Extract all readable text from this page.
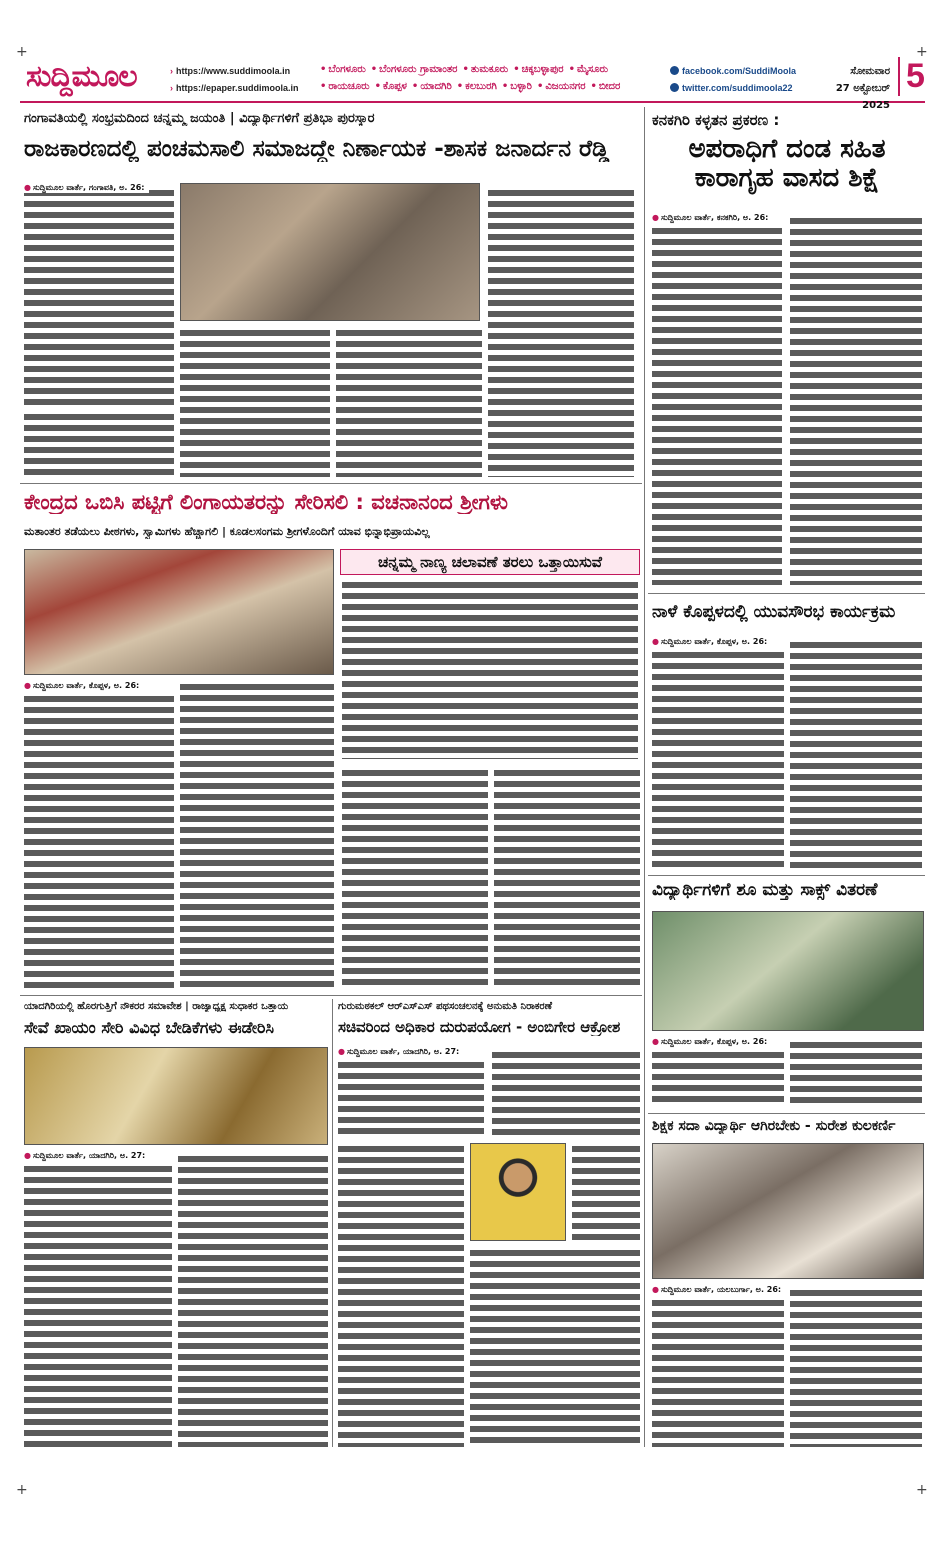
+	+
+	+
ಸುದ್ದಿಮೂಲ	› https://www.suddimoola.in
› https://epaper.suddimoola.in
• ಬೆಂಗಳೂರು • ಬೆಂಗಳೂರು ಗ್ರಾಮಾಂತರ • ತುಮಕೂರು • ಚಿಕ್ಕಬಳ್ಳಾಪುರ • ಮೈಸೂರು
• ರಾಯಚೂರು • ಕೊಪ್ಪಳ • ಯಾದಗಿರಿ • ಕಲಬುರಗಿ • ಬಳ್ಳಾರಿ • ವಿಜಯನಗರ • ಬೀದರ
facebook.com/SuddiMoola
twitter.com/suddimoola22
ಸೋಮವಾರ
27 ಅಕ್ಟೋಬರ್ 2025
5
ಗಂಗಾವತಿಯಲ್ಲಿ ಸಂಭ್ರಮದಿಂದ ಚನ್ನಮ್ಮ ಜಯಂತಿ | ವಿದ್ಯಾರ್ಥಿಗಳಿಗೆ ಪ್ರತಿಭಾ ಪುರಸ್ಕಾರ
ರಾಜಕಾರಣದಲ್ಲಿ ಪಂಚಮಸಾಲಿ ಸಮಾಜದ್ದೇ ನಿರ್ಣಾಯಕ -ಶಾಸಕ ಜನಾರ್ದನ ರೆಡ್ಡಿ
● ಸುದ್ದಿಮೂಲ ವಾರ್ತೆ, ಗಂಗಾವತಿ, ಅ. 26:
ಕನಕಗಿರಿ ಕಳ್ಳತನ ಪ್ರಕರಣ :
ಅಪರಾಧಿಗೆ ದಂಡ ಸಹಿತ ಕಾರಾಗೃಹ ವಾಸದ ಶಿಕ್ಷೆ
● ಸುದ್ದಿಮೂಲ ವಾರ್ತೆ, ಕನಕಗಿರಿ, ಅ. 26:
ಕೇಂದ್ರದ ಒಬಿಸಿ ಪಟ್ಟಿಗೆ ಲಿಂಗಾಯತರನ್ನು ಸೇರಿಸಲಿ : ವಚನಾನಂದ ಶ್ರೀಗಳು
ಮತಾಂತರ ತಡೆಯಲು ಪೀಠಗಳು, ಸ್ವಾಮಿಗಳು ಹೆಚ್ಚಾಗಲಿ | ಕೂಡಲಸಂಗಮ ಶ್ರೀಗಳೊಂದಿಗೆ ಯಾವ ಭಿನ್ನಾಭಿಪ್ರಾಯವಿಲ್ಲ
ಚನ್ನಮ್ಮ ನಾಣ್ಯ ಚಲಾವಣೆ ತರಲು ಒತ್ತಾಯಿಸುವೆ
● ಸುದ್ದಿಮೂಲ ವಾರ್ತೆ, ಕೊಪ್ಪಳ, ಅ. 26:
ನಾಳೆ ಕೊಪ್ಪಳದಲ್ಲಿ ಯುವಸೌರಭ ಕಾರ್ಯಕ್ರಮ
● ಸುದ್ದಿಮೂಲ ವಾರ್ತೆ, ಕೊಪ್ಪಳ, ಅ. 26:
ವಿದ್ಯಾರ್ಥಿಗಳಿಗೆ ಶೂ ಮತ್ತು ಸಾಕ್ಸ್ ವಿತರಣೆ
● ಸುದ್ದಿಮೂಲ ವಾರ್ತೆ, ಕೊಪ್ಪಳ, ಅ. 26:
ಶಿಕ್ಷಕ ಸದಾ ವಿದ್ಯಾರ್ಥಿ ಆಗಿರಬೇಕು - ಸುರೇಶ ಕುಲಕರ್ಣಿ
● ಸುದ್ದಿಮೂಲ ವಾರ್ತೆ, ಯಲಬುರ್ಗಾ, ಅ. 26:
ಯಾದಗಿರಿಯಲ್ಲಿ ಹೊರಗುತ್ತಿಗೆ ನೌಕರರ ಸಮಾವೇಶ | ರಾಜ್ಯಾಧ್ಯಕ್ಷ ಸುಧಾಕರ ಒತ್ತಾಯ
ಸೇವೆ ಖಾಯಂ ಸೇರಿ ವಿವಿಧ ಬೇಡಿಕೆಗಳು ಈಡೇರಿಸಿ
● ಸುದ್ದಿಮೂಲ ವಾರ್ತೆ, ಯಾದಗಿರಿ, ಅ. 27:
ಗುರುಮಠಕಲ್ ಆರ್‌ಎಸ್‌ಎಸ್ ಪಥಸಂಚಲನಕ್ಕೆ ಅನುಮತಿ ನಿರಾಕರಣೆ
ಸಚಿವರಿಂದ ಅಧಿಕಾರ ದುರುಪಯೋಗ - ಅಂಬಿಗೇರ ಆಕ್ರೋಶ
● ಸುದ್ದಿಮೂಲ ವಾರ್ತೆ, ಯಾದಗಿರಿ, ಅ. 27:
